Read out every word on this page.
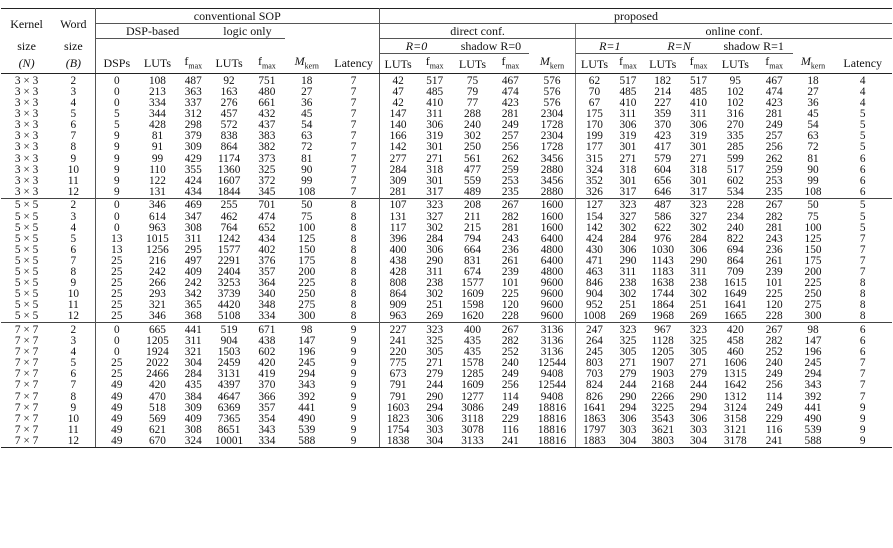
Kernel	Word	conventional SOP							proposed												
		DSP-based			logic only				direct conf.					online conf.							
size	size								R=0		shadow R=0			R=1		R=N		shadow R=1			
(N)	(B)	DSPs	LUTs	$f_{max}$	LUTs	$f_{max}$	$M_{kern}$	Latency	LUTs	$f_{max}$	LUTs	$f_{max}$	$M_{kern}$	LUTs	$f_{max}$	LUTs	$f_{max}$	LUTs	$f_{max}$	$M_{kern}$	Latency
3 × 3	2	0	108	487	92	751	18	7	42	517	75	467	576	62	517	182	517	95	467	18	4
3 × 3	3	0	213	363	163	480	27	7	47	485	79	474	576	70	485	214	485	102	474	27	4
3 × 3	4	0	334	337	276	661	36	7	42	410	77	423	576	67	410	227	410	102	423	36	4
3 × 3	5	5	344	312	457	432	45	7	147	311	288	281	2304	175	311	359	311	316	281	45	5
3 × 3	6	5	428	298	572	437	54	7	140	306	240	249	1728	170	306	370	306	270	249	54	5
3 × 3	7	9	81	379	838	383	63	7	166	319	302	257	2304	199	319	423	319	335	257	63	5
3 × 3	8	9	91	309	864	382	72	7	142	301	250	256	1728	177	301	417	301	285	256	72	5
3 × 3	9	9	99	429	1174	373	81	7	277	271	561	262	3456	315	271	579	271	599	262	81	6
3 × 3	10	9	110	355	1360	325	90	7	284	318	477	259	2880	324	318	604	318	517	259	90	6
3 × 3	11	9	122	424	1607	372	99	7	309	301	559	253	3456	352	301	656	301	602	253	99	6
3 × 3	12	9	131	434	1844	345	108	7	281	317	489	235	2880	326	317	646	317	534	235	108	6
5 × 5	2	0	346	469	255	701	50	8	107	323	208	267	1600	127	323	487	323	228	267	50	5
5 × 5	3	0	614	347	462	474	75	8	131	327	211	282	1600	154	327	586	327	234	282	75	5
5 × 5	4	0	963	308	764	652	100	8	117	302	215	281	1600	142	302	622	302	240	281	100	5
5 × 5	5	13	1015	311	1242	434	125	8	396	284	794	243	6400	424	284	976	284	822	243	125	7
5 × 5	6	13	1256	295	1577	402	150	8	400	306	664	236	4800	430	306	1030	306	694	236	150	7
5 × 5	7	25	216	497	2291	376	175	8	438	290	831	261	6400	471	290	1143	290	864	261	175	7
5 × 5	8	25	242	409	2404	357	200	8	428	311	674	239	4800	463	311	1183	311	709	239	200	7
5 × 5	9	25	266	242	3253	364	225	8	808	238	1577	101	9600	846	238	1638	238	1615	101	225	8
5 × 5	10	25	293	342	3739	340	250	8	864	302	1609	225	9600	904	302	1744	302	1649	225	250	8
5 × 5	11	25	321	365	4420	348	275	8	909	251	1598	120	9600	952	251	1864	251	1641	120	275	8
5 × 5	12	25	346	368	5108	334	300	8	963	269	1620	228	9600	1008	269	1968	269	1665	228	300	8
7 × 7	2	0	665	441	519	671	98	9	227	323	400	267	3136	247	323	967	323	420	267	98	6
7 × 7	3	0	1205	311	904	438	147	9	241	325	435	282	3136	264	325	1128	325	458	282	147	6
7 × 7	4	0	1924	321	1503	602	196	9	220	305	435	252	3136	245	305	1205	305	460	252	196	6
7 × 7	5	25	2022	304	2459	420	245	9	775	271	1578	240	12544	803	271	1907	271	1606	240	245	7
7 × 7	6	25	2466	284	3131	419	294	9	673	279	1285	249	9408	703	279	1903	279	1315	249	294	7
7 × 7	7	49	420	435	4397	370	343	9	791	244	1609	256	12544	824	244	2168	244	1642	256	343	7
7 × 7	8	49	470	384	4647	366	392	9	791	290	1277	114	9408	826	290	2266	290	1312	114	392	7
7 × 7	9	49	518	309	6369	357	441	9	1603	294	3086	249	18816	1641	294	3225	294	3124	249	441	9
7 × 7	10	49	569	409	7365	354	490	9	1823	306	3118	229	18816	1863	306	3543	306	3158	229	490	9
7 × 7	11	49	621	308	8651	343	539	9	1754	303	3078	116	18816	1797	303	3621	303	3121	116	539	9
7 × 7	12	49	670	324	10001	334	588	9	1838	304	3133	241	18816	1883	304	3803	304	3178	241	588	9
